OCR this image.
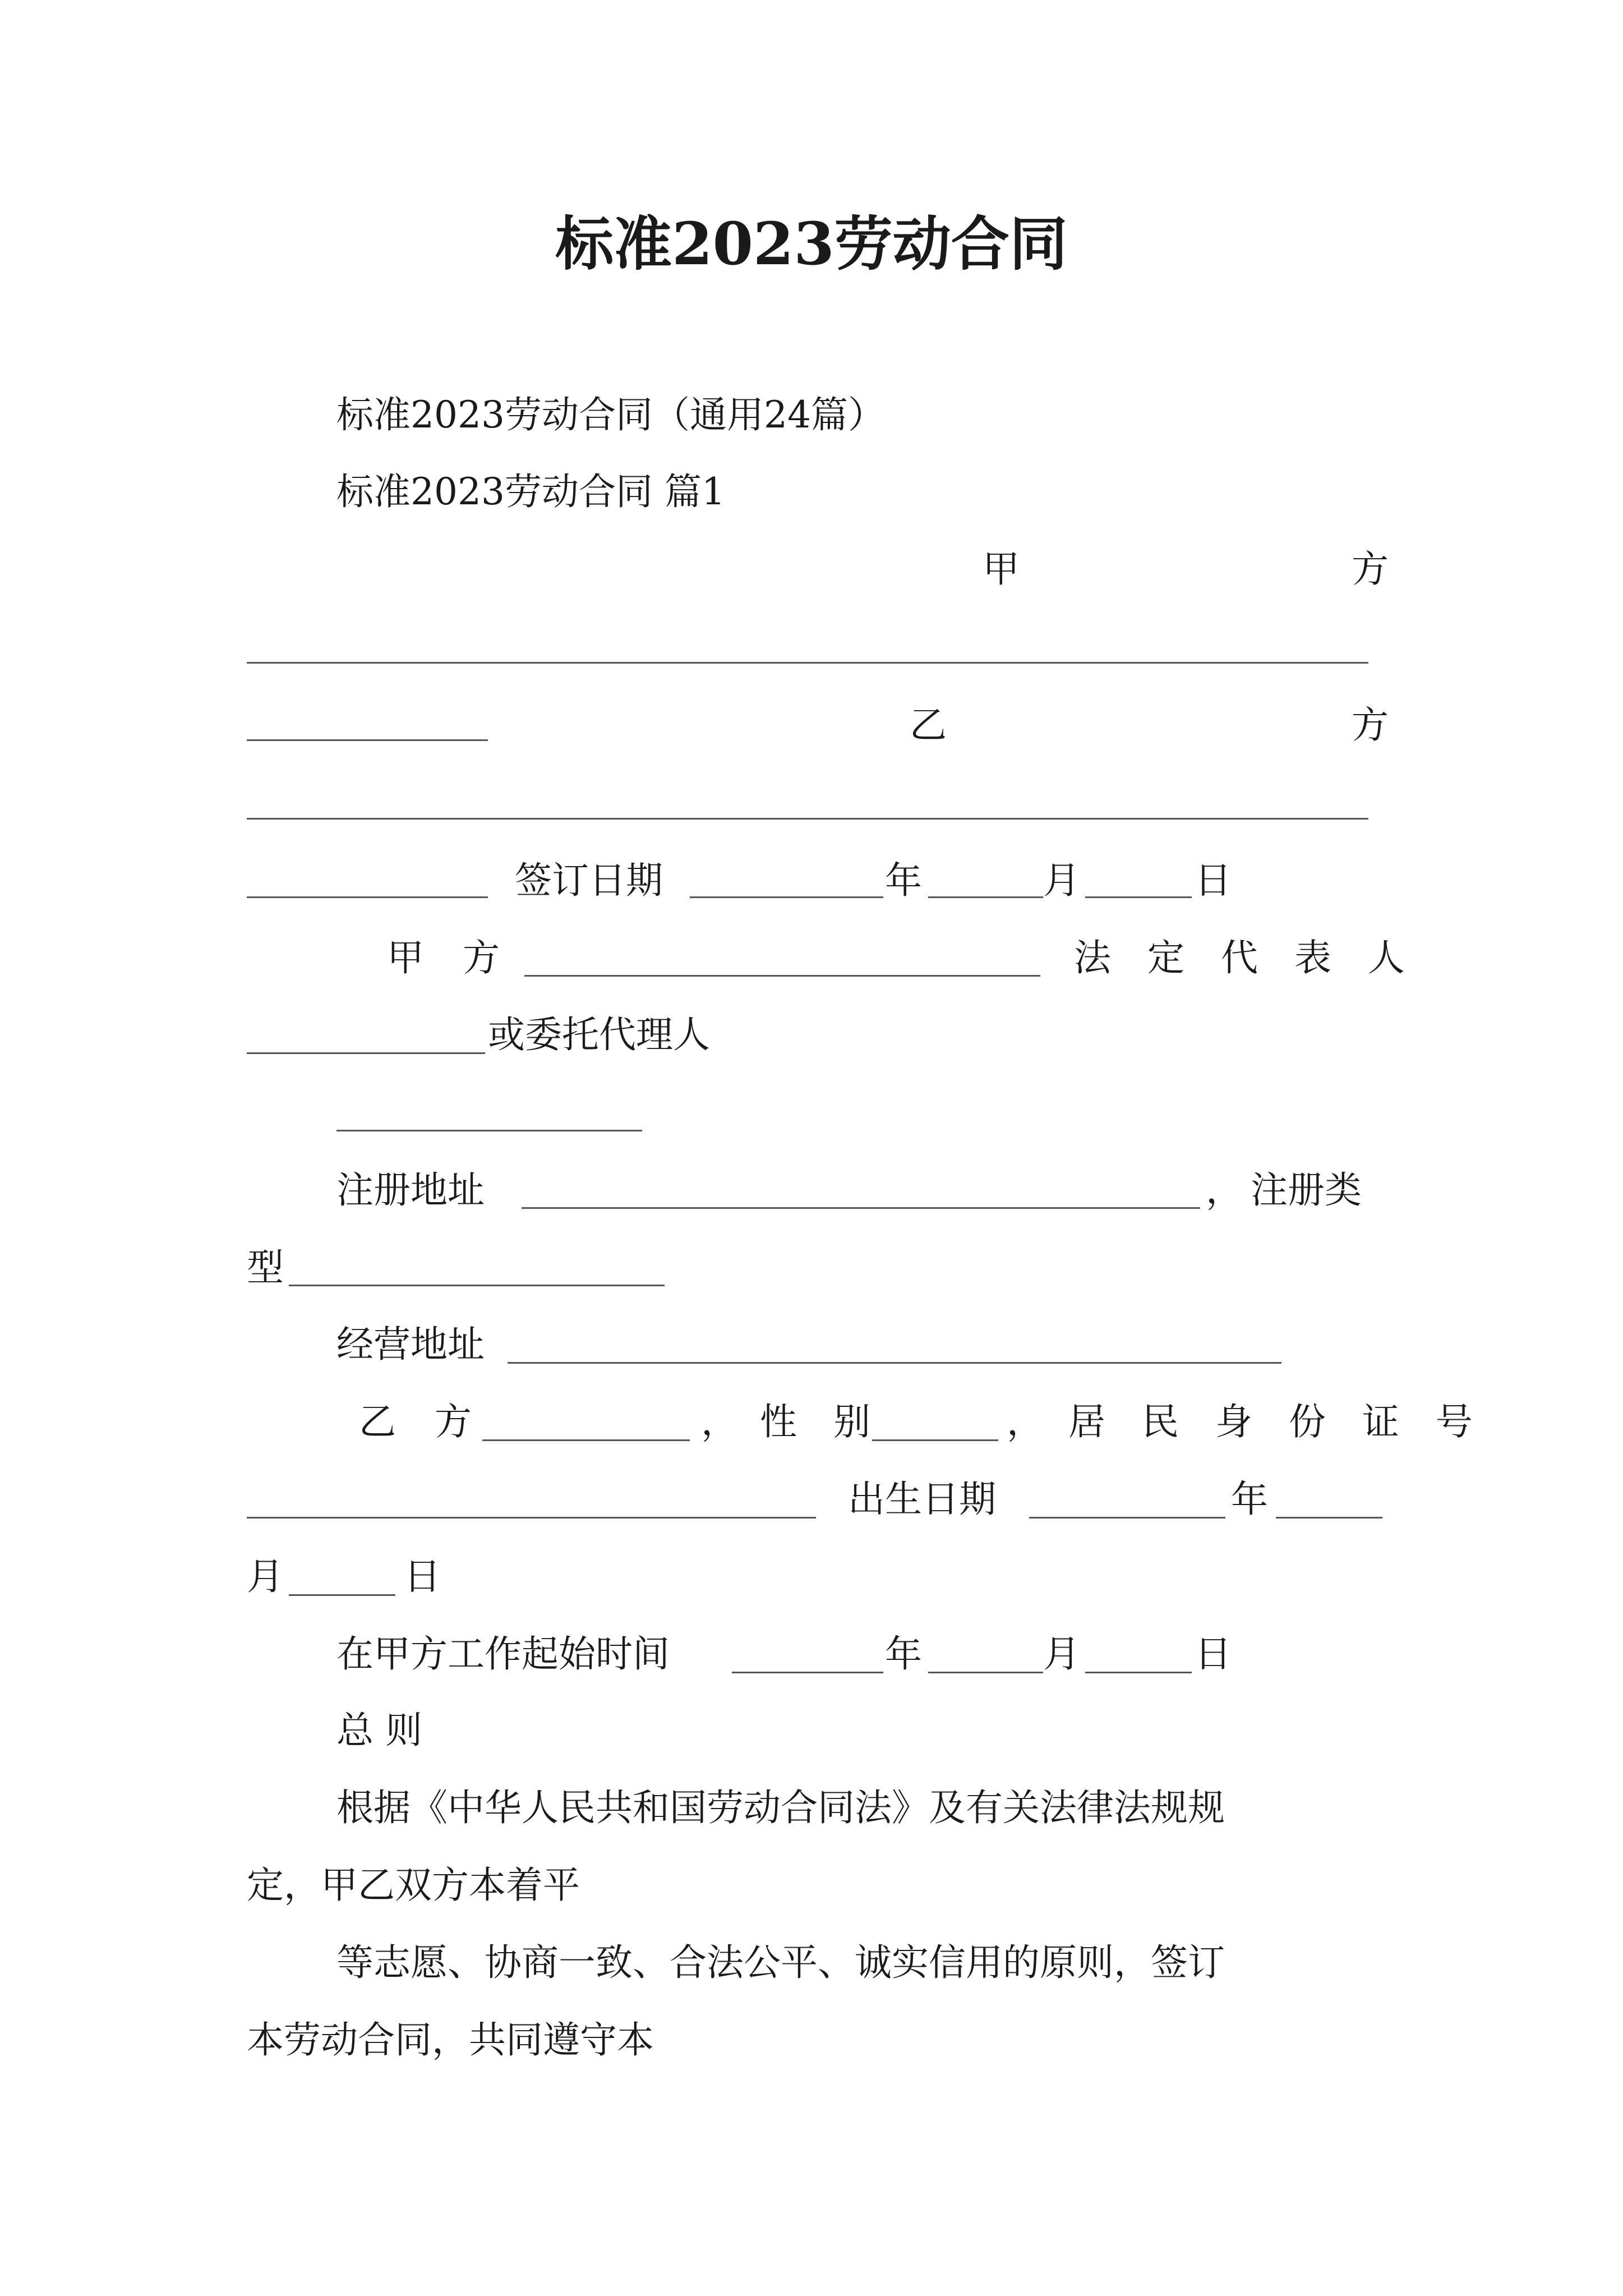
标准2023劳动合同
标准2023劳动合同（通用24篇）
标准2023劳动合同 篇1
甲	方
乙	方
签订日期	年	月	日
甲 方	法 定 代 表 人
或委托代理人
注册地址	， 注册类
型
经营地址
乙 方	， 性 别	， 居 民 身 份 证 号
出生日期	年
月	日
在甲方工作起始时间	年	月	日
总 则
根据《中华人民共和国劳动合同法》及有关法律法规规
定，甲乙双方本着平
等志愿、协商一致、合法公平、诚实信用的原则，签订
本劳动合同，共同遵守本
